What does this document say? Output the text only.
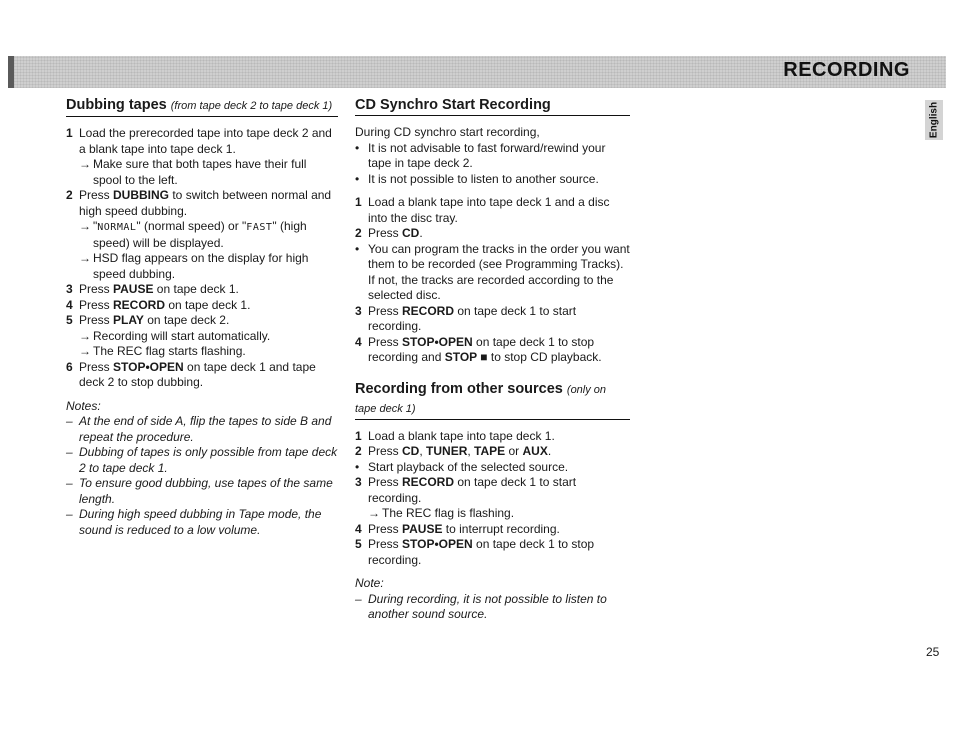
RECORDING
English
Dubbing tapes (from tape deck 2 to tape deck 1)
1 Load the prerecorded tape into tape deck 2 and a blank tape into tape deck 1.
→ Make sure that both tapes have their full spool to the left.
2 Press DUBBING to switch between normal and high speed dubbing.
→ "NORMAL" (normal speed) or "FAST" (high speed) will be displayed.
→ HSD flag appears on the display for high speed dubbing.
3 Press PAUSE on tape deck 1.
4 Press RECORD on tape deck 1.
5 Press PLAY on tape deck 2.
→ Recording will start automatically.
→ The REC flag starts flashing.
6 Press STOP•OPEN on tape deck 1 and tape deck 2 to stop dubbing.
Notes:
– At the end of side A, flip the tapes to side B and repeat the procedure.
– Dubbing of tapes is only possible from tape deck 2 to tape deck 1.
– To ensure good dubbing, use tapes of the same length.
– During high speed dubbing in Tape mode, the sound is reduced to a low volume.
CD Synchro Start Recording
During CD synchro start recording,
• It is not advisable to fast forward/rewind your tape in tape deck 2.
• It is not possible to listen to another source.
1 Load a blank tape into tape deck 1 and a disc into the disc tray.
2 Press CD.
• You can program the tracks in the order you want them to be recorded (see Programming Tracks). If not, the tracks are recorded according to the selected disc.
3 Press RECORD on tape deck 1 to start recording.
4 Press STOP•OPEN on tape deck 1 to stop recording and STOP ■ to stop CD playback.
Recording from other sources (only on tape deck 1)
1 Load a blank tape into tape deck 1.
2 Press CD, TUNER, TAPE or AUX.
• Start playback of the selected source.
3 Press RECORD on tape deck 1 to start recording.
→ The REC flag is flashing.
4 Press PAUSE to interrupt recording.
5 Press STOP•OPEN on tape deck 1 to stop recording.
Note:
– During recording, it is not possible to listen to another sound source.
25
